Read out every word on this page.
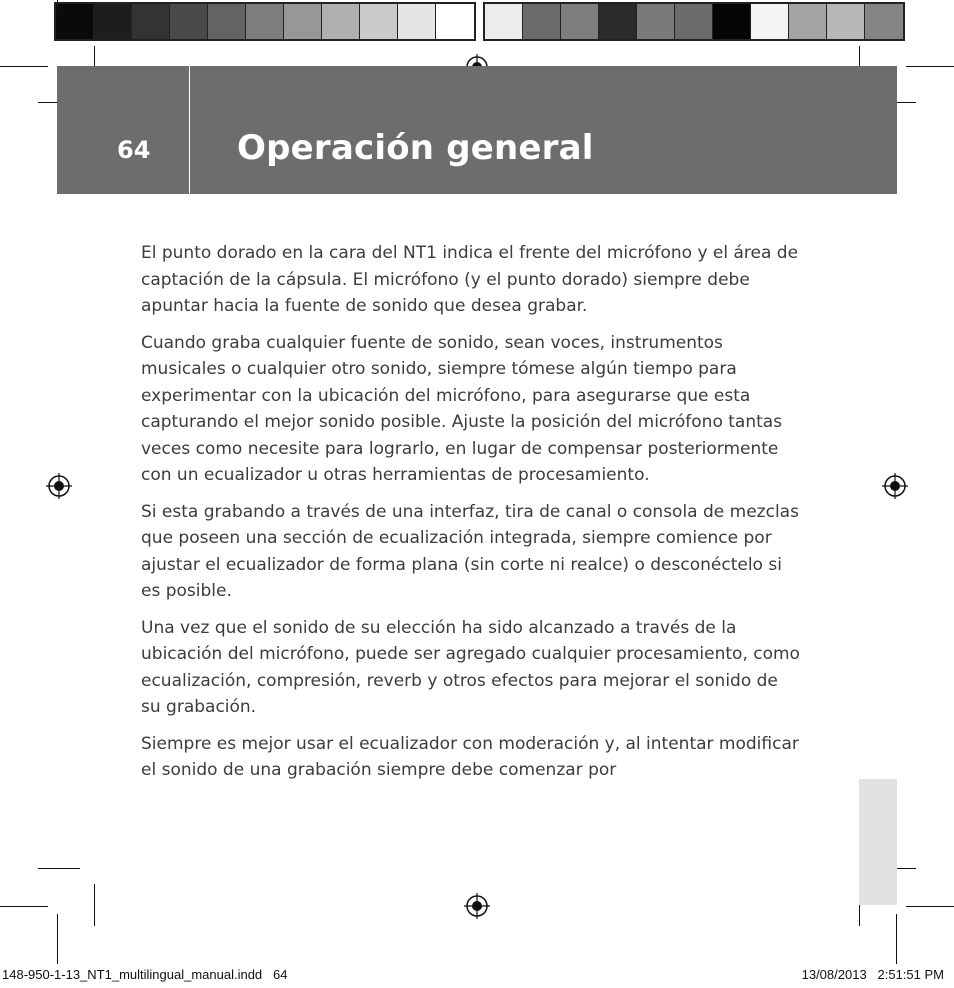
64	Operación general

El punto dorado en la cara del NT1 indica el frente del micrófono y el área de captación de la cápsula. El micrófono (y el punto dorado) siempre debe apuntar hacia la fuente de sonido que desea grabar.

Cuando graba cualquier fuente de sonido, sean voces, instrumentos musicales o cualquier otro sonido, siempre tómese algún tiempo para experimentar con la ubicación del micrófono, para asegurarse que esta capturando el mejor sonido posible. Ajuste la posición del micrófono tantas veces como necesite para lograrlo, en lugar de compensar posteriormente con un ecualizador u otras herramientas de procesamiento.

Si esta grabando a través de una interfaz, tira de canal o consola de mezclas que poseen una sección de ecualización integrada, siempre comience por ajustar el ecualizador de forma plana (sin corte ni realce) o desconéctelo si es posible.

Una vez que el sonido de su elección ha sido alcanzado a través de la ubicación del micrófono, puede ser agregado cualquier procesamiento, como ecualización, compresión, reverb y otros efectos para mejorar el sonido de su grabación.

Siempre es mejor usar el ecualizador con moderación y, al intentar modificar el sonido de una grabación siempre debe comenzar por

148-950-1-13_NT1_multilingual_manual.indd   64	13/08/2013   2:51:51 PM
